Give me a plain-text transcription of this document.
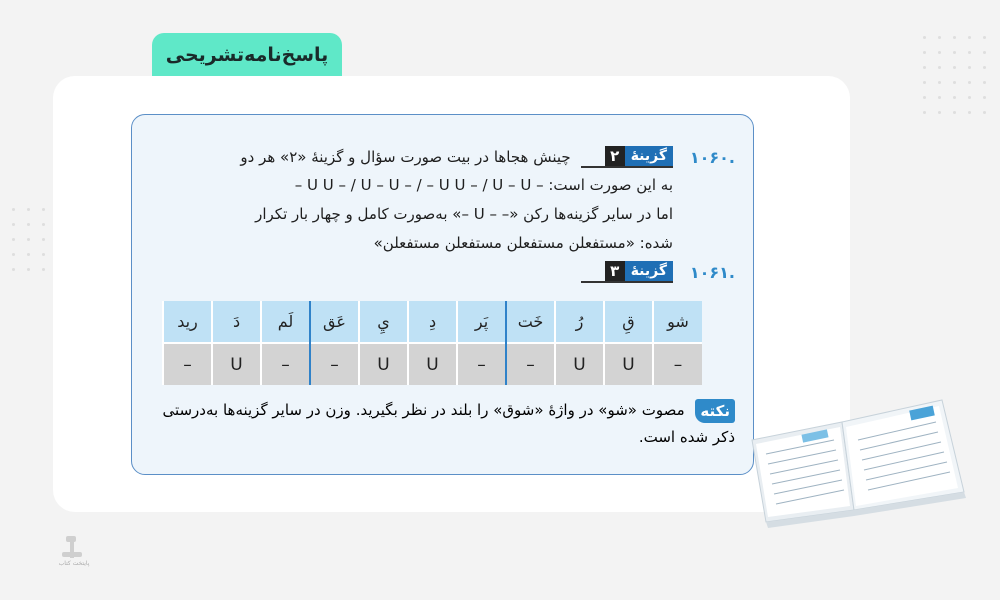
پاسخ‌نامه‌تشریحی
۱۰۶۰.
گزینۀ
۲
چینش هجاها در بیت صورت سؤال و گزینۀ «۲» هر دو
به این صورت است: – U U – / U – U – / – U U – / U – U –
اما در سایر گزینه‌ها رکن «– – U –» به‌صورت کامل و چهار بار تکرار
شده: «مستفعلن مستفعلن مستفعلن مستفعلن»
۱۰۶۱.
گزینۀ
۳
شو	قِ	رُ	خَت	پَر	دِ	يِ	عَق	لَم	دَ	رید
–	U	U	–	–	U	U	–	–	U	–
نکته مصوت «شو» در واژۀ «شوق» را بلند در نظر بگیرید. وزن در سایر گزینه‌ها به‌درستی ذکر شده است.
پایتخت کتاب
